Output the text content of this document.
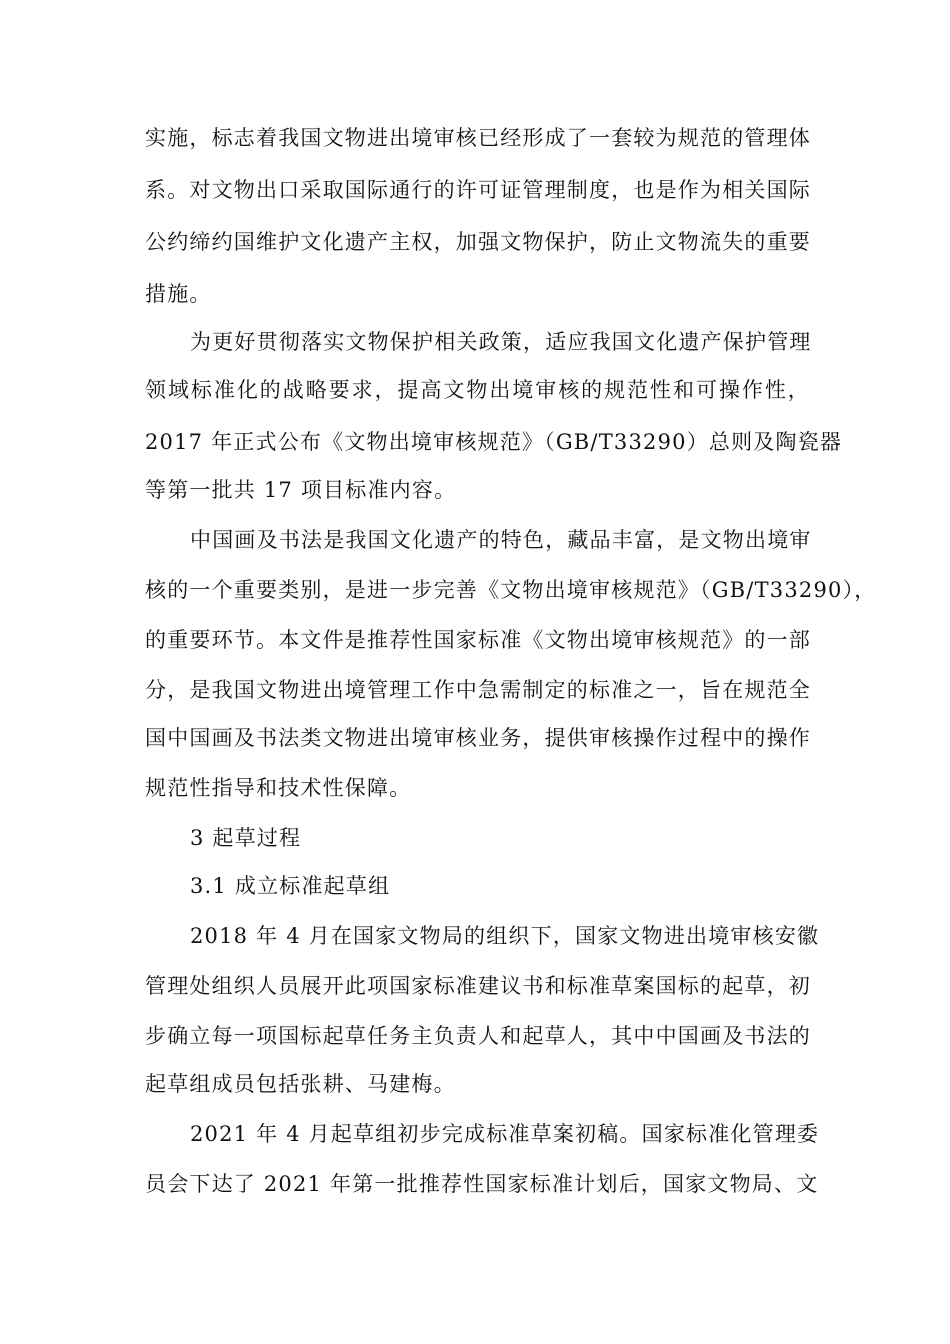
实施，标志着我国文物进出境审核已经形成了一套较为规范的管理体
系。对文物出口采取国际通行的许可证管理制度，也是作为相关国际
公约缔约国维护文化遗产主权，加强文物保护，防止文物流失的重要
措施。
为更好贯彻落实文物保护相关政策，适应我国文化遗产保护管理
领域标准化的战略要求，提高文物出境审核的规范性和可操作性，
2017 年正式公布《文物出境审核规范》（GB/T33290）总则及陶瓷器
等第一批共 17 项目标准内容。
中国画及书法是我国文化遗产的特色，藏品丰富，是文物出境审
核的一个重要类别，是进一步完善《文物出境审核规范》（GB/T33290），
的重要环节。本文件是推荐性国家标准《文物出境审核规范》的一部
分，是我国文物进出境管理工作中急需制定的标准之一，旨在规范全
国中国画及书法类文物进出境审核业务，提供审核操作过程中的操作
规范性指导和技术性保障。
3 起草过程
3.1 成立标准起草组
2018 年 4 月在国家文物局的组织下，国家文物进出境审核安徽
管理处组织人员展开此项国家标准建议书和标准草案国标的起草，初
步确立每一项国标起草任务主负责人和起草人，其中中国画及书法的
起草组成员包括张耕、马建梅。
2021 年 4 月起草组初步完成标准草案初稿。国家标准化管理委
员会下达了 2021 年第一批推荐性国家标准计划后，国家文物局、文
